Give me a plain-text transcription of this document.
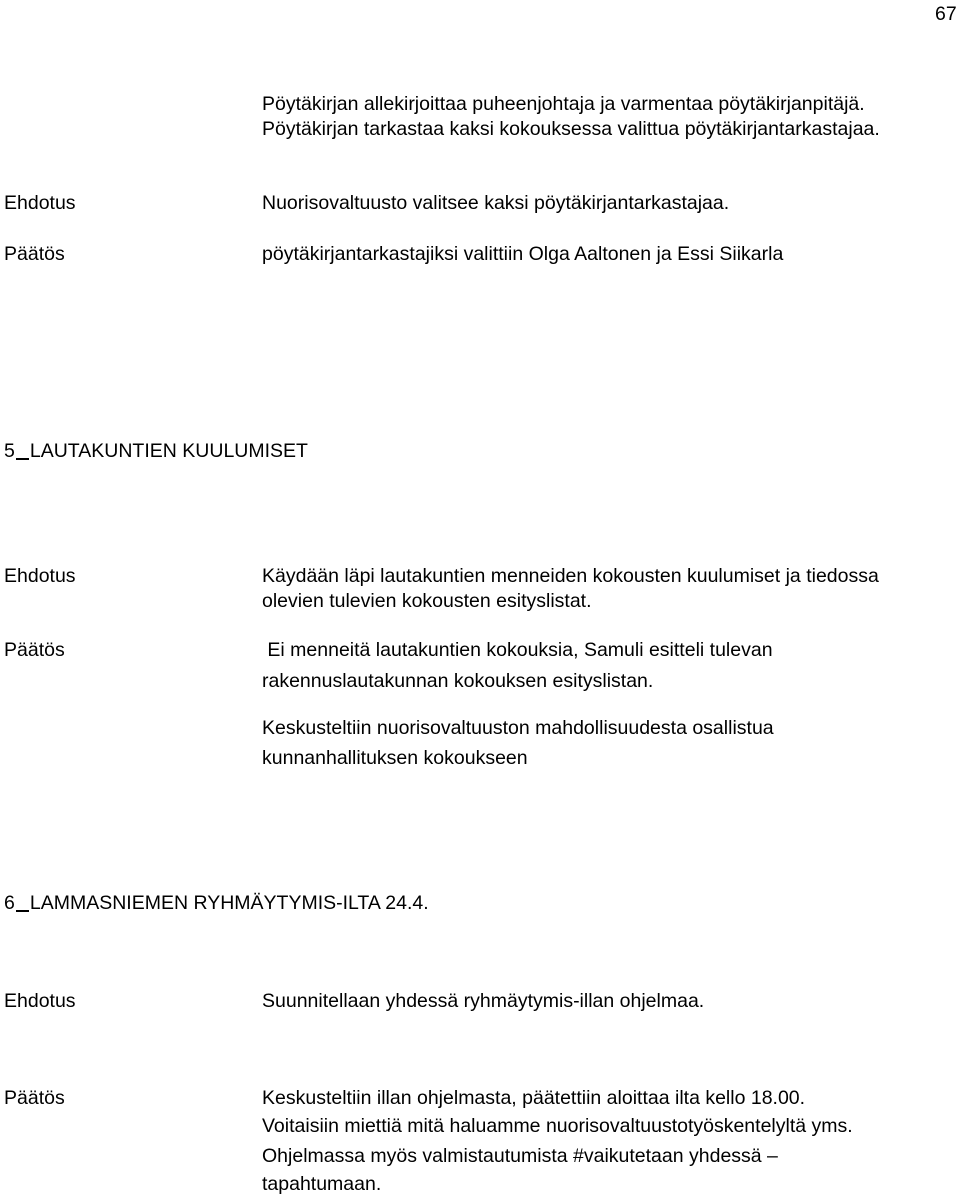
67
Pöytäkirjan allekirjoittaa puheenjohtaja ja varmentaa pöytäkirjanpitäjä.
Pöytäkirjan tarkastaa kaksi kokouksessa valittua pöytäkirjantarkastajaa.
Ehdotus	Nuorisovaltuusto valitsee kaksi pöytäkirjantarkastajaa.
Päätös	pöytäkirjantarkastajiksi valittiin Olga Aaltonen ja Essi Siikarla
5 LAUTAKUNTIEN KUULUMISET
Ehdotus	Käydään läpi lautakuntien menneiden kokousten kuulumiset ja tiedossa
olevien tulevien kokousten esityslistat.
Päätös	Ei menneitä lautakuntien kokouksia, Samuli esitteli tulevan
rakennuslautakunnan kokouksen esityslistan.
Keskusteltiin nuorisovaltuuston mahdollisuudesta osallistua
kunnanhallituksen kokoukseen
6 LAMMASNIEMEN RYHMÄYTYMIS-ILTA 24.4.
Ehdotus	Suunnitellaan yhdessä ryhmäytymis-illan ohjelmaa.
Päätös	Keskusteltiin illan ohjelmasta, päätettiin aloittaa ilta kello 18.00.
Voitaisiin miettiä mitä haluamme nuorisovaltuustotyöskentelyltä yms.
Ohjelmassa myös valmistautumista #vaikutetaan yhdessä –
tapahtumaan.
